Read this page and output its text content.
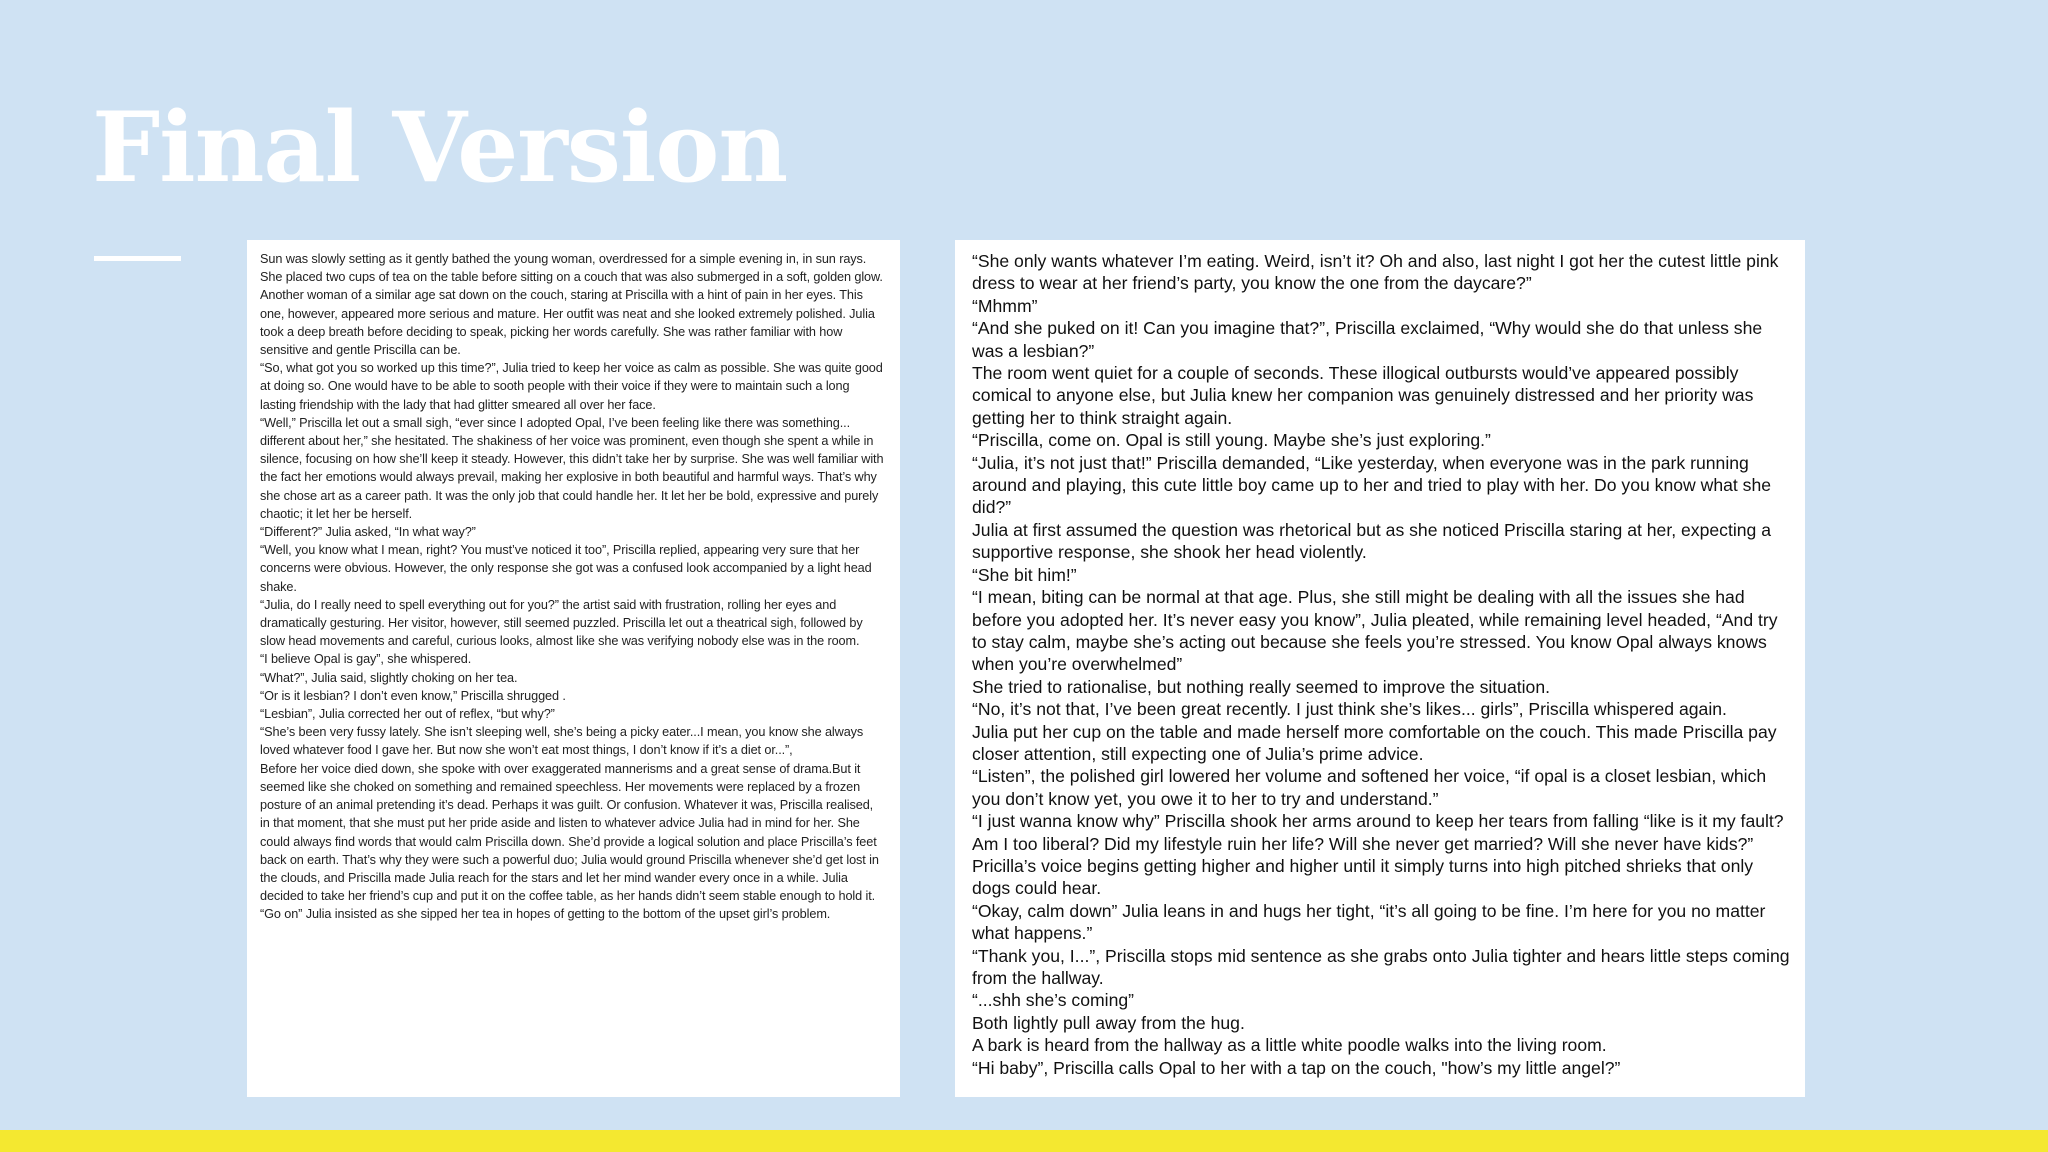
Final Version

Sun was slowly setting as it gently bathed the young woman, overdressed for a simple evening in, in sun rays. She placed two cups of tea on the table before sitting on a couch that was also submerged in a soft, golden glow. Another woman of a similar age sat down on the couch, staring at Priscilla with a hint of pain in her eyes. This one, however, appeared more serious and mature. Her outfit was neat and she looked extremely polished. Julia took a deep breath before deciding to speak, picking her words carefully. She was rather familiar with how sensitive and gentle Priscilla can be.

“So, what got you so worked up this time?”, Julia tried to keep her voice as calm as possible. She was quite good at doing so. One would have to be able to sooth people with their voice if they were to maintain such a long lasting friendship with the lady that had glitter smeared all over her face.

“Well,” Priscilla let out a small sigh, “ever since I adopted Opal, I’ve been feeling like there was something... different about her,” she hesitated. The shakiness of her voice was prominent, even though she spent a while in silence, focusing on how she’ll keep it steady. However, this didn’t take her by surprise. She was well familiar with the fact her emotions would always prevail, making her explosive in both beautiful and harmful ways. That’s why she chose art as a career path. It was the only job that could handle her. It let her be bold, expressive and purely chaotic; it let her be herself.

“Different?” Julia asked, “In what way?”

“Well, you know what I mean, right? You must’ve noticed it too”, Priscilla replied, appearing very sure that her concerns were obvious. However, the only response she got was a confused look accompanied by a light head shake.

“Julia, do I really need to spell everything out for you?” the artist said with frustration, rolling her eyes and dramatically gesturing. Her visitor, however, still seemed puzzled. Priscilla let out a theatrical sigh, followed by slow head movements and careful, curious looks, almost like she was verifying nobody else was in the room.

“I believe Opal is gay”, she whispered.

“What?”, Julia said, slightly choking on her tea.

“Or is it lesbian? I don’t even know,” Priscilla shrugged .

“Lesbian”, Julia corrected her out of reflex, “but why?”

“She’s been very fussy lately. She isn’t sleeping well, she’s being a picky eater...I mean, you know she always loved whatever food I gave her. But now she won’t eat most things, I don’t know if it’s a diet or...”,

Before her voice died down, she spoke with over exaggerated mannerisms and a great sense of drama.But it seemed like she choked on something and remained speechless. Her movements were replaced by a frozen posture of an animal pretending it’s dead. Perhaps it was guilt. Or confusion. Whatever it was, Priscilla realised, in that moment, that she must put her pride aside and listen to whatever advice Julia had in mind for her. She could always find words that would calm Priscilla down. She’d provide a logical solution and place Priscilla’s feet back on earth. That’s why they were such a powerful duo; Julia would ground Priscilla whenever she’d get lost in the clouds, and Priscilla made Julia reach for the stars and let her mind wander every once in a while. Julia decided to take her friend’s cup and put it on the coffee table, as her hands didn’t seem stable enough to hold it.

“Go on” Julia insisted as she sipped her tea in hopes of getting to the bottom of the upset girl’s problem.

“She only wants whatever I’m eating. Weird, isn’t it? Oh and also, last night I got her the cutest little pink dress to wear at her friend’s party, you know the one from the daycare?”

“Mhmm”

“And she puked on it! Can you imagine that?”, Priscilla exclaimed, “Why would she do that unless she was a lesbian?”

The room went quiet for a couple of seconds. These illogical outbursts would’ve appeared possibly comical to anyone else, but Julia knew her companion was genuinely distressed and her priority was getting her to think straight again.

“Priscilla, come on. Opal is still young. Maybe she’s just exploring.”

“Julia, it’s not just that!” Priscilla demanded, “Like yesterday, when everyone was in the park running around and playing, this cute little boy came up to her and tried to play with her. Do you know what she did?”

Julia at first assumed the question was rhetorical but as she noticed Priscilla staring at her, expecting a supportive response, she shook her head violently.

“She bit him!”

“I mean, biting can be normal at that age. Plus, she still might be dealing with all the issues she had before you adopted her. It’s never easy you know”, Julia pleated, while remaining level headed, “And try to stay calm, maybe she’s acting out because she feels you’re stressed. You know Opal always knows when you’re overwhelmed”

She tried to rationalise, but nothing really seemed to improve the situation.

“No, it’s not that, I’ve been great recently. I just think she’s likes... girls”, Priscilla whispered again.

Julia put her cup on the table and made herself more comfortable on the couch. This made Priscilla pay closer attention, still expecting one of Julia’s prime advice.

“Listen”, the polished girl lowered her volume and softened her voice, “if opal is a closet lesbian, which you don’t know yet, you owe it to her to try and understand.”

“I just wanna know why” Priscilla shook her arms around to keep her tears from falling “like is it my fault? Am I too liberal? Did my lifestyle ruin her life? Will she never get married? Will she never have kids?” Pricilla’s voice begins getting higher and higher until it simply turns into high pitched shrieks that only dogs could hear.

“Okay, calm down” Julia leans in and hugs her tight, “it’s all going to be fine. I’m here for you no matter what happens.”

“Thank you, I...”, Priscilla stops mid sentence as she grabs onto Julia tighter and hears little steps coming from the hallway.

“...shh she’s coming”

Both lightly pull away from the hug.

A bark is heard from the hallway as a little white poodle walks into the living room.

“Hi baby”, Priscilla calls Opal to her with a tap on the couch, "how’s my little angel?”
